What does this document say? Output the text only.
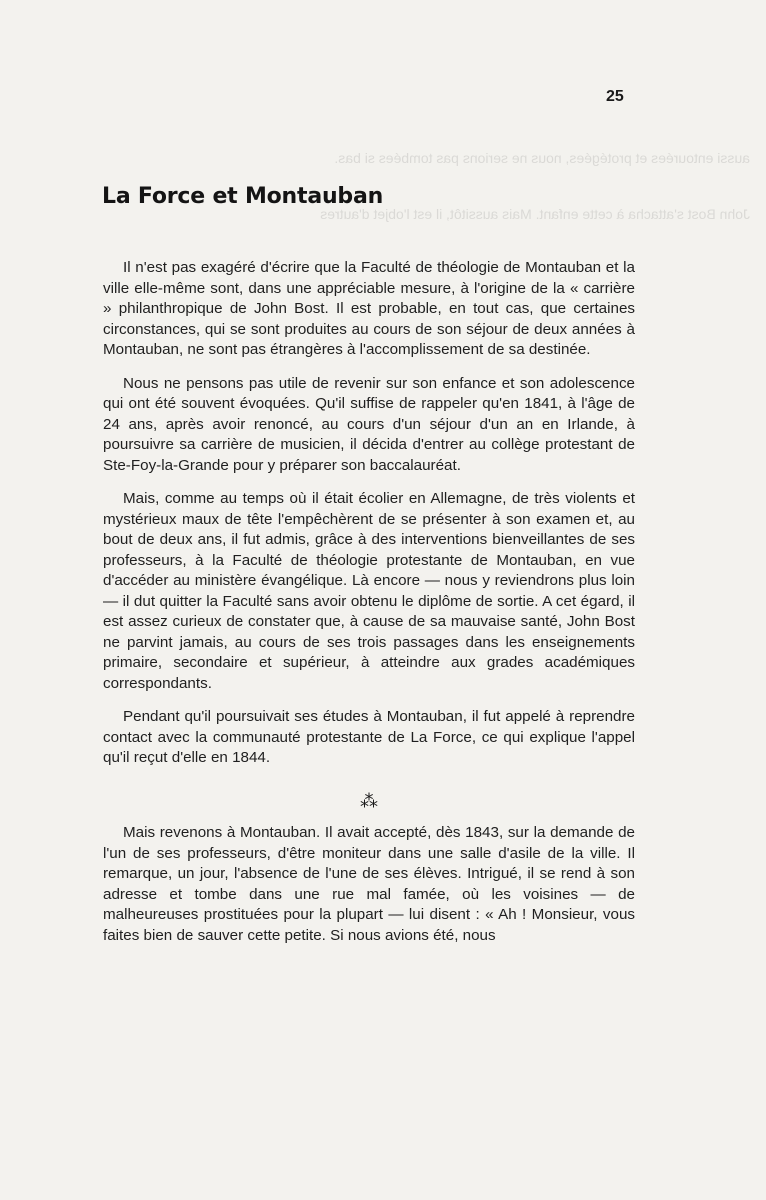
aussi entourées et protégées, nous ne serions pas tombées si bas.
John Bost s'attacha à cette enfant. Mais aussitôt, il est l'objet d'autres
25
La Force et Montauban

Il n'est pas exagéré d'écrire que la Faculté de théologie de Montauban et la ville elle-même sont, dans une appréciable mesure, à l'origine de la « carrière » philanthropique de John Bost. Il est probable, en tout cas, que certaines circonstances, qui se sont produites au cours de son séjour de deux années à Montauban, ne sont pas étrangères à l'accomplissement de sa destinée.

Nous ne pensons pas utile de revenir sur son enfance et son adolescence qui ont été souvent évoquées. Qu'il suffise de rappeler qu'en 1841, à l'âge de 24 ans, après avoir renoncé, au cours d'un séjour d'un an en Irlande, à poursuivre sa carrière de musicien, il décida d'entrer au collège protestant de Ste-Foy-la-Grande pour y préparer son baccalauréat.

Mais, comme au temps où il était écolier en Allemagne, de très violents et mystérieux maux de tête l'empêchèrent de se présenter à son examen et, au bout de deux ans, il fut admis, grâce à des interventions bienveillantes de ses professeurs, à la Faculté de théologie protestante de Montauban, en vue d'accéder au ministère évangélique. Là encore — nous y reviendrons plus loin — il dut quitter la Faculté sans avoir obtenu le diplôme de sortie. A cet égard, il est assez curieux de constater que, à cause de sa mauvaise santé, John Bost ne parvint jamais, au cours de ses trois passages dans les enseignements primaire, secondaire et supérieur, à atteindre aux grades académiques correspondants.

Pendant qu'il poursuivait ses études à Montauban, il fut appelé à reprendre contact avec la communauté protestante de La Force, ce qui explique l'appel qu'il reçut d'elle en 1844.

⁂

Mais revenons à Montauban. Il avait accepté, dès 1843, sur la demande de l'un de ses professeurs, d'être moniteur dans une salle d'asile de la ville. Il remarque, un jour, l'absence de l'une de ses élèves. Intrigué, il se rend à son adresse et tombe dans une rue mal famée, où les voisines — de malheureuses prostituées pour la plupart — lui disent : « Ah ! Monsieur, vous faites bien de sauver cette petite. Si nous avions été, nous
